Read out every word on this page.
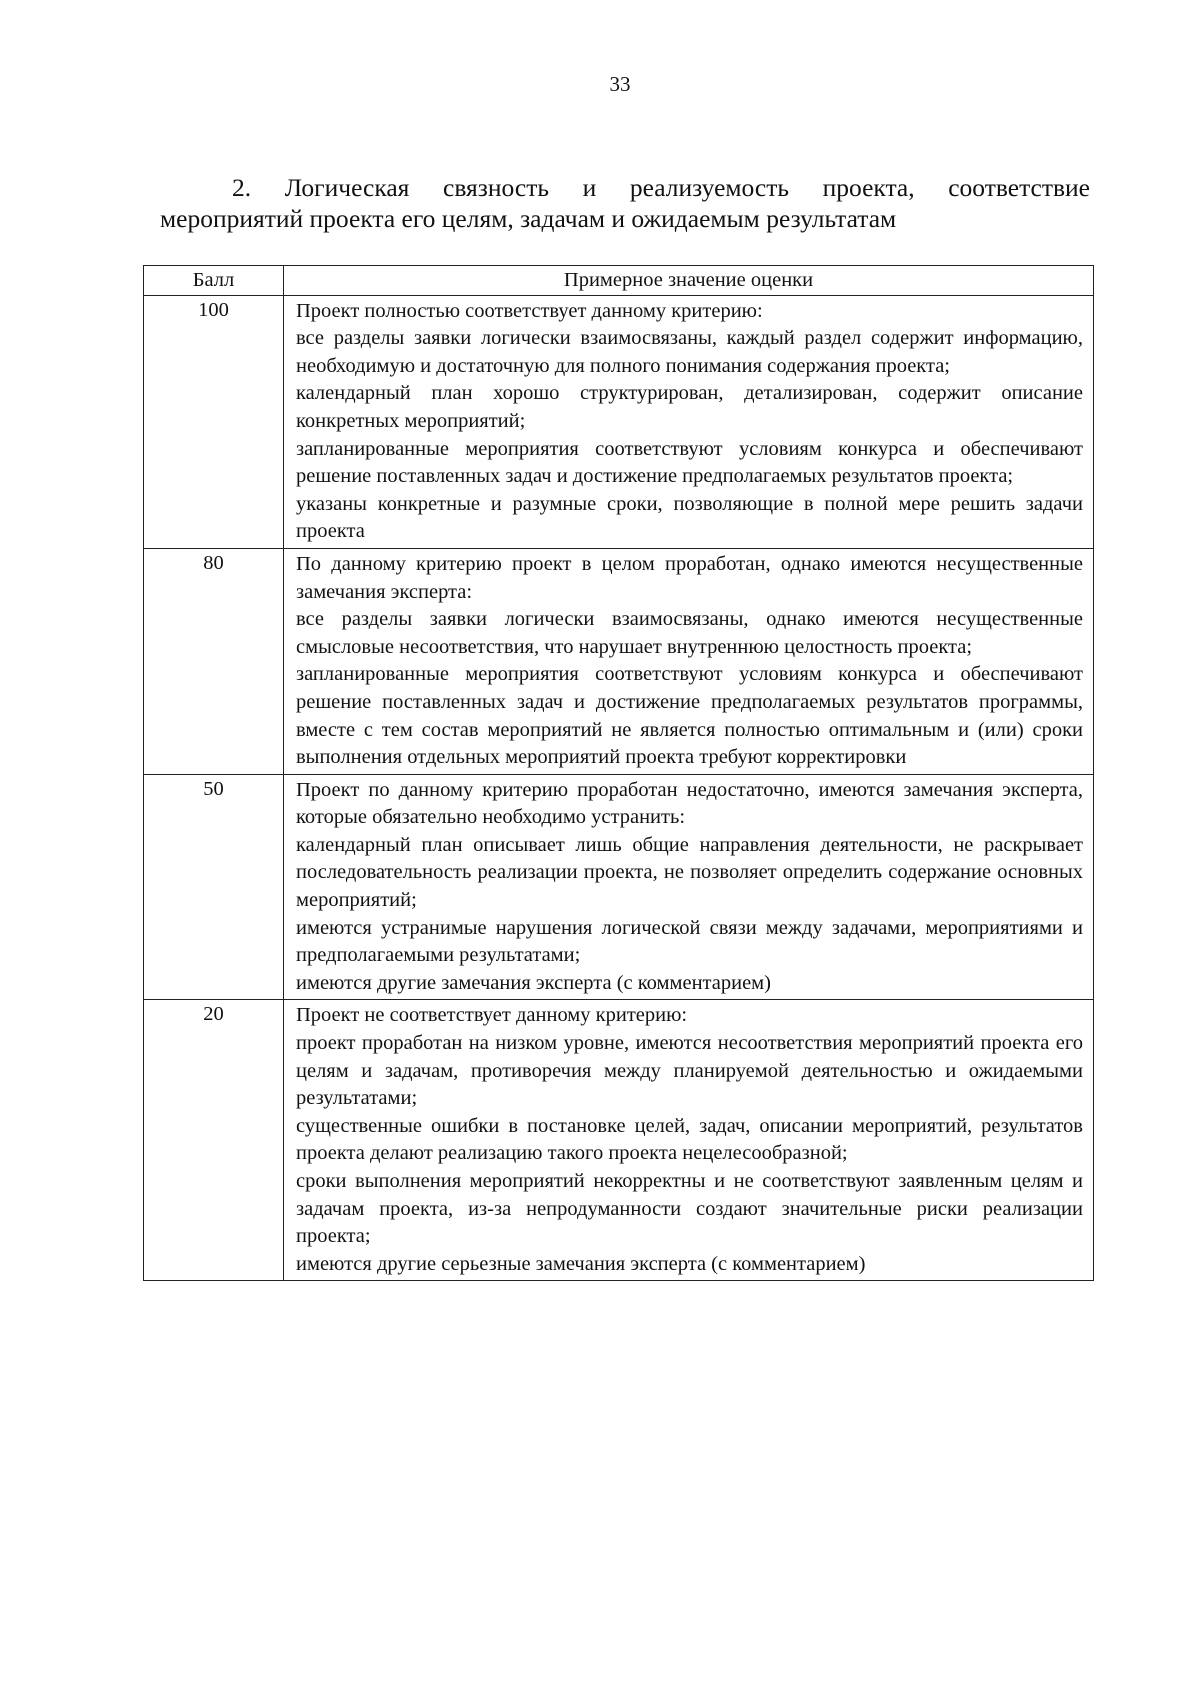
33
2. Логическая связность и реализуемость проекта, соответствие
мероприятий проекта его целям, задачам и ожидаемым результатам
Балл	Примерное значение оценки
100	Проект полностью соответствует данному критерию:

все разделы заявки логически взаимосвязаны, каждый раздел содержит информацию, необходимую и достаточную для полного понимания содержания проекта;

календарный план хорошо структурирован, детализирован, содержит описание конкретных мероприятий;

запланированные мероприятия соответствуют условиям конкурса и обеспечивают решение поставленных задач и достижение предполагаемых результатов проекта;

указаны конкретные и разумные сроки, позволяющие в полной мере решить задачи проекта

80	По данному критерию проект в целом проработан, однако имеются несущественные замечания эксперта:

все разделы заявки логически взаимосвязаны, однако имеются несущественные смысловые несоответствия, что нарушает внутреннюю целостность проекта;

запланированные мероприятия соответствуют условиям конкурса и обеспечивают решение поставленных задач и достижение предполагаемых результатов программы, вместе с тем состав мероприятий не является полностью оптимальным и (или) сроки выполнения отдельных мероприятий проекта требуют корректировки

50	Проект по данному критерию проработан недостаточно, имеются замечания эксперта, которые обязательно необходимо устранить:

календарный план описывает лишь общие направления деятельности, не раскрывает последовательность реализации проекта, не позволяет определить содержание основных мероприятий;

имеются устранимые нарушения логической связи между задачами, мероприятиями и предполагаемыми результатами;

имеются другие замечания эксперта (с комментарием)

20	Проект не соответствует данному критерию:

проект проработан на низком уровне, имеются несоответствия мероприятий проекта его целям и задачам, противоречия между планируемой деятельностью и ожидаемыми результатами;

существенные ошибки в постановке целей, задач, описании мероприятий, результатов проекта делают реализацию такого проекта нецелесообразной;

сроки выполнения мероприятий некорректны и не соответствуют заявленным целям и задачам проекта, из-за непродуманности создают значительные риски реализации проекта;

имеются другие серьезные замечания эксперта (с комментарием)
